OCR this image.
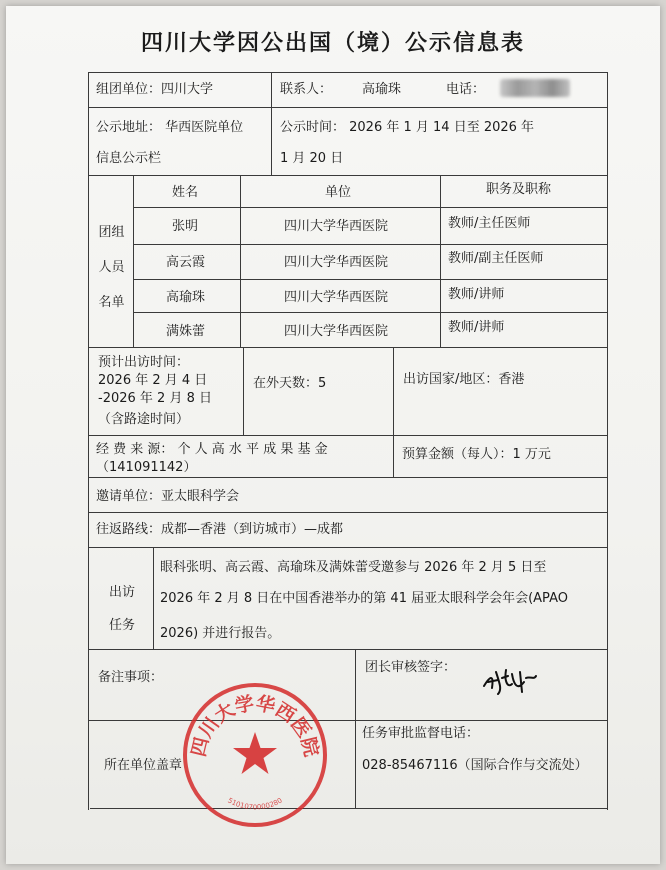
四川大学因公出国（境）公示信息表
组团单位：四川大学	联系人： 高瑜珠	电话：
公示地址： 华西医院单位
信息公示栏
公示时间： 2026 年 1 月 14 日至 2026 年
1 月 20 日
团组
人员
名单
姓名	单位	职务及职称
张明	四川大学华西医院	教师/主任医师
高云霞	四川大学华西医院	教师/副主任医师
高瑜珠	四川大学华西医院	教师/讲师
满姝蕾	四川大学华西医院	教师/讲师
预计出访时间：
2026 年 2 月 4 日
-2026 年 2 月 8 日
（含路途时间）
在外天数：5	出访国家/地区：香港
经 费 来 源： 个 人 高 水 平 成 果 基 金
（141091142）
预算金额（每人）：1 万元
邀请单位：亚太眼科学会
往返路线：成都—香港（到访城市）—成都
出访
任务
眼科张明、高云霞、高瑜珠及满姝蕾受邀参与 2026 年 2 月 5 日至
2026 年 2 月 8 日在中国香港举办的第 41 届亚太眼科学会年会(APAO
2026) 并进行报告。
备注事项：
团长审核签字：
所在单位盖章
任务审批监督电话：
028-85467116（国际合作与交流处）
四川大学华西医院
5101070000280
